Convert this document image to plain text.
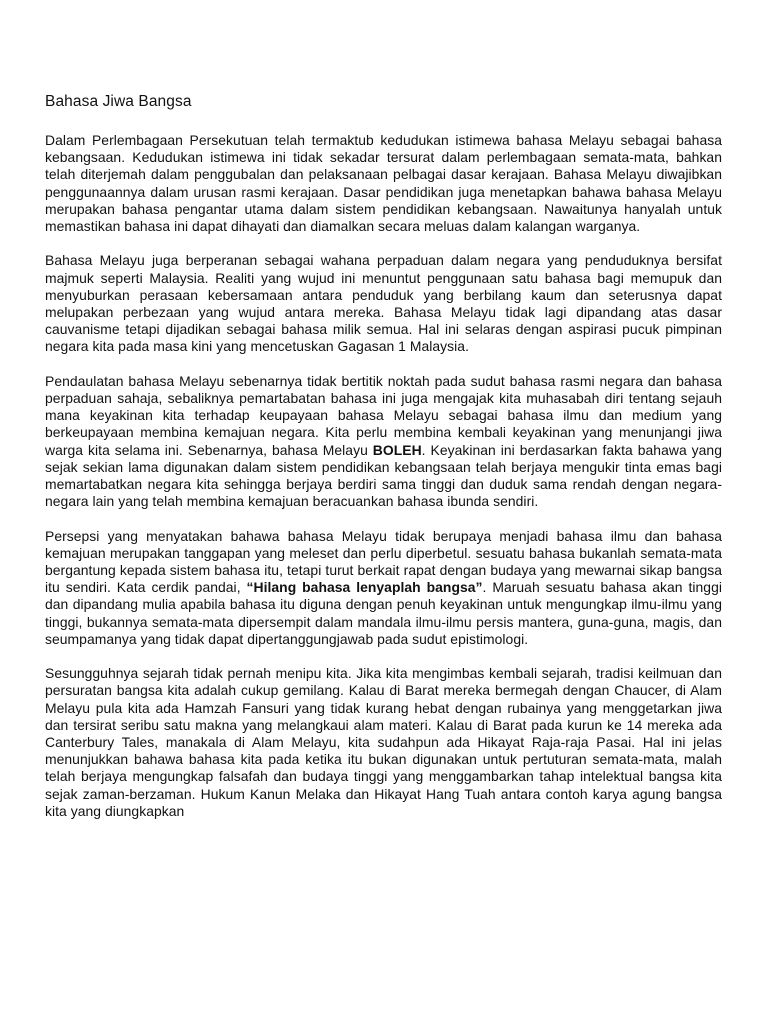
Bahasa Jiwa Bangsa

Dalam Perlembagaan Persekutuan telah termaktub kedudukan istimewa bahasa Melayu sebagai bahasa kebangsaan. Kedudukan istimewa ini tidak sekadar tersurat dalam perlembagaan semata-mata, bahkan telah diterjemah dalam penggubalan dan pelaksanaan pelbagai dasar kerajaan. Bahasa Melayu diwajibkan penggunaannya dalam urusan rasmi kerajaan. Dasar pendidikan juga menetapkan bahawa bahasa Melayu merupakan bahasa pengantar utama dalam sistem pendidikan kebangsaan. Nawaitunya hanyalah untuk memastikan bahasa ini dapat dihayati dan diamalkan secara meluas dalam kalangan warganya.

Bahasa Melayu juga berperanan sebagai wahana perpaduan dalam negara yang penduduknya bersifat majmuk seperti Malaysia. Realiti yang wujud ini menuntut penggunaan satu bahasa bagi memupuk dan menyuburkan perasaan kebersamaan antara penduduk yang berbilang kaum dan seterusnya dapat melupakan perbezaan yang wujud antara mereka. Bahasa Melayu tidak lagi dipandang atas dasar cauvanisme tetapi dijadikan sebagai bahasa milik semua. Hal ini selaras dengan aspirasi pucuk pimpinan negara kita pada masa kini yang mencetuskan Gagasan 1 Malaysia.

Pendaulatan bahasa Melayu sebenarnya tidak bertitik noktah pada sudut bahasa rasmi negara dan bahasa perpaduan sahaja, sebaliknya pemartabatan bahasa ini juga mengajak kita muhasabah diri tentang sejauh mana keyakinan kita terhadap keupayaan bahasa Melayu sebagai bahasa ilmu dan medium yang berkeupayaan membina kemajuan negara. Kita perlu membina kembali keyakinan yang menunjangi jiwa warga kita selama ini. Sebenarnya, bahasa Melayu BOLEH. Keyakinan ini berdasarkan fakta bahawa yang sejak sekian lama digunakan dalam sistem pendidikan kebangsaan telah berjaya mengukir tinta emas bagi memartabatkan negara kita sehingga berjaya berdiri sama tinggi dan duduk sama rendah dengan negara-negara lain yang telah membina kemajuan beracuankan bahasa ibunda sendiri.

Persepsi yang menyatakan bahawa bahasa Melayu tidak berupaya menjadi bahasa ilmu dan bahasa kemajuan merupakan tanggapan yang meleset dan perlu diperbetul. sesuatu bahasa bukanlah semata-mata bergantung kepada sistem bahasa itu, tetapi turut berkait rapat dengan budaya yang mewarnai sikap bangsa itu sendiri. Kata cerdik pandai, “Hilang bahasa lenyaplah bangsa”. Maruah sesuatu bahasa akan tinggi dan dipandang mulia apabila bahasa itu diguna dengan penuh keyakinan untuk mengungkap ilmu-ilmu yang tinggi, bukannya semata-mata dipersempit dalam mandala ilmu-ilmu persis mantera, guna-guna, magis, dan seumpamanya yang tidak dapat dipertanggungjawab pada sudut epistimologi.

Sesungguhnya sejarah tidak pernah menipu kita. Jika kita mengimbas kembali sejarah, tradisi keilmuan dan persuratan bangsa kita adalah cukup gemilang. Kalau di Barat mereka bermegah dengan Chaucer, di Alam Melayu pula kita ada Hamzah Fansuri yang tidak kurang hebat dengan rubainya yang menggetarkan jiwa dan tersirat seribu satu makna yang melangkaui alam materi. Kalau di Barat pada kurun ke 14 mereka ada Canterbury Tales, manakala di Alam Melayu, kita sudahpun ada Hikayat Raja-raja Pasai. Hal ini jelas menunjukkan bahawa bahasa kita pada ketika itu bukan digunakan untuk pertuturan semata-mata, malah telah berjaya mengungkap falsafah dan budaya tinggi yang menggambarkan tahap intelektual bangsa kita sejak zaman-berzaman. Hukum Kanun Melaka dan Hikayat Hang Tuah antara contoh karya agung bangsa kita yang diungkapkan
